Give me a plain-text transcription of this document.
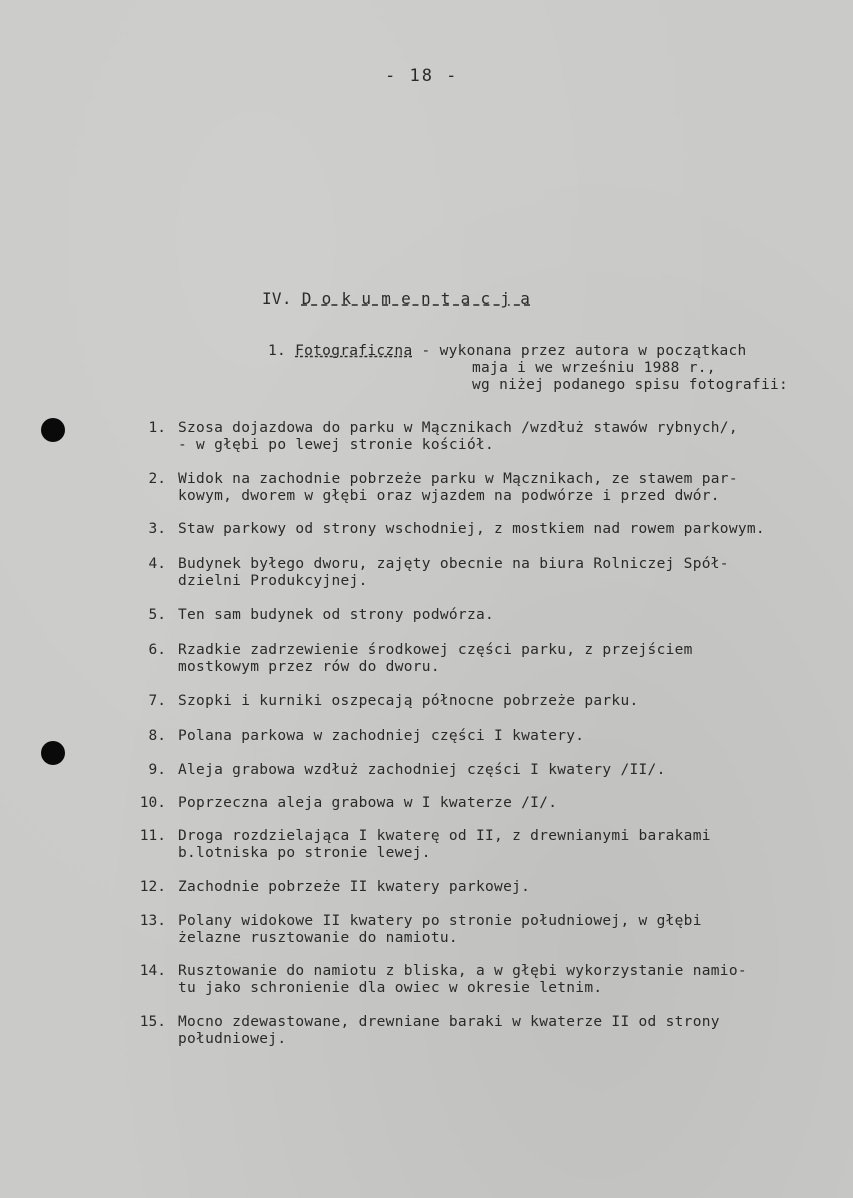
- 18 -
IV. D o k u m e n t a c j a
1. Fotograficzna - wykonana przez autora w początkach
maja i we wrześniu 1988 r.,
wg niżej podanego spisu fotografii:
1. Szosa dojazdowa do parku w Mącznikach /wzdłuż stawów rybnych/,
- w głębi po lewej stronie kościół.
2. Widok na zachodnie pobrzeże parku w Mącznikach, ze stawem par-
kowym, dworem w głębi oraz wjazdem na podwórze i przed dwór.
3. Staw parkowy od strony wschodniej, z mostkiem nad rowem parkowym.
4. Budynek byłego dworu, zajęty obecnie na biura Rolniczej Spół-
dzielni Produkcyjnej.
5. Ten sam budynek od strony podwórza.
6. Rzadkie zadrzewienie środkowej części parku, z przejściem
mostkowym przez rów do dworu.
7. Szopki i kurniki oszpecają północne pobrzeże parku.
8. Polana parkowa w zachodniej części I kwatery.
9. Aleja grabowa wzdłuż zachodniej części I kwatery /II/.
10. Poprzeczna aleja grabowa w I kwaterze /I/.
11. Droga rozdzielająca I kwaterę od II, z drewnianymi barakami
b.lotniska po stronie lewej.
12. Zachodnie pobrzeże II kwatery parkowej.
13. Polany widokowe II kwatery po stronie południowej, w głębi
żelazne rusztowanie do namiotu.
14. Rusztowanie do namiotu z bliska, a w głębi wykorzystanie namio-
tu jako schronienie dla owiec w okresie letnim.
15. Mocno zdewastowane, drewniane baraki w kwaterze II od strony
południowej.
